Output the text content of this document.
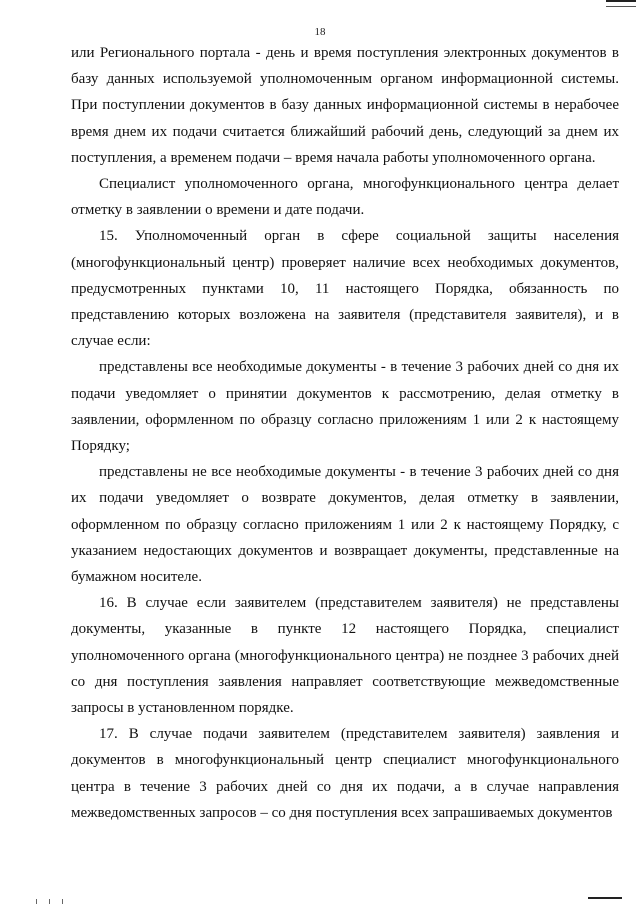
18

или Регионального портала - день и время поступления электронных документов в базу данных используемой уполномоченным органом информационной системы. При поступлении документов в базу данных информационной системы в нерабочее время днем их подачи считается ближайший рабочий день, следующий за днем их поступления, а временем подачи – время начала работы уполномоченного органа.

Специалист уполномоченного органа, многофункционального центра делает отметку в заявлении о времени и дате подачи.

15. Уполномоченный орган в сфере социальной защиты населения (многофункциональный центр) проверяет наличие всех необходимых документов, предусмотренных пунктами 10, 11 настоящего Порядка, обязанность по представлению которых возложена на заявителя (представителя заявителя), и в случае если:

представлены все необходимые документы - в течение 3 рабочих дней со дня их подачи уведомляет о принятии документов к рассмотрению, делая отметку в заявлении, оформленном по образцу согласно приложениям 1 или 2 к настоящему Порядку;

представлены не все необходимые документы - в течение 3 рабочих дней со дня их подачи уведомляет о возврате документов, делая отметку в заявлении, оформленном по образцу согласно приложениям 1 или 2 к настоящему Порядку, с указанием недостающих документов и возвращает документы, представленные на бумажном носителе.

16. В случае если заявителем (представителем заявителя) не представлены документы, указанные в пункте 12 настоящего Порядка, специалист уполномоченного органа (многофункционального центра) не позднее 3 рабочих дней со дня поступления заявления направляет соответствующие межведомственные запросы в установленном порядке.

17. В случае подачи заявителем (представителем заявителя) заявления и документов в многофункциональный центр специалист многофункционального центра в течение 3 рабочих дней со дня их подачи, а в случае направления межведомственных запросов – со дня поступления всех запрашиваемых документов
